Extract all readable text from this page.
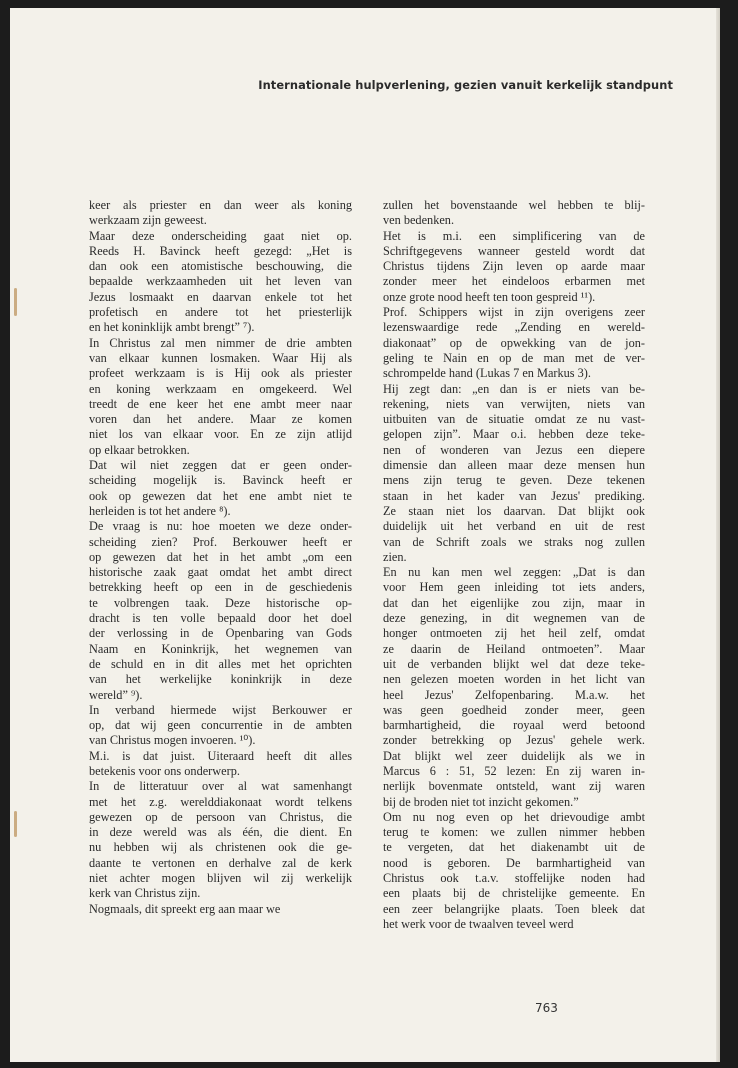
Internationale hulpverlening, gezien vanuit kerkelijk standpunt
keer als priester en dan weer als koning
werkzaam zijn geweest.
Maar deze onderscheiding gaat niet op.
Reeds H. Bavinck heeft gezegd: „Het is
dan ook een atomistische beschouwing, die
bepaalde werkzaamheden uit het leven van
Jezus losmaakt en daarvan enkele tot het
profetisch en andere tot het priesterlijk
en het koninklijk ambt brengt” ⁷).
In Christus zal men nimmer de drie ambten
van elkaar kunnen losmaken. Waar Hij als
profeet werkzaam is is Hij ook als priester
en koning werkzaam en omgekeerd. Wel
treedt de ene keer het ene ambt meer naar
voren dan het andere. Maar ze komen
niet los van elkaar voor. En ze zijn atlijd
op elkaar betrokken.
Dat wil niet zeggen dat er geen onder-
scheiding mogelijk is. Bavinck heeft er
ook op gewezen dat het ene ambt niet te
herleiden is tot het andere ⁸).
De vraag is nu: hoe moeten we deze onder-
scheiding zien? Prof. Berkouwer heeft er
op gewezen dat het in het ambt „om een
historische zaak gaat omdat het ambt direct
betrekking heeft op een in de geschiedenis
te volbrengen taak. Deze historische op-
dracht is ten volle bepaald door het doel
der verlossing in de Openbaring van Gods
Naam en Koninkrijk, het wegnemen van
de schuld en in dit alles met het oprichten
van het werkelijke koninkrijk in deze
wereld” ⁹).
In verband hiermede wijst Berkouwer er
op, dat wij geen concurrentie in de ambten
van Christus mogen invoeren. ¹⁰).
M.i. is dat juist. Uiteraard heeft dit alles
betekenis voor ons onderwerp.
In de litteratuur over al wat samenhangt
met het z.g. werelddiakonaat wordt telkens
gewezen op de persoon van Christus, die
in deze wereld was als één, die dient. En
nu hebben wij als christenen ook die ge-
daante te vertonen en derhalve zal de kerk
niet achter mogen blijven wil zij werkelijk
kerk van Christus zijn.
Nogmaals, dit spreekt erg aan maar we
zullen het bovenstaande wel hebben te blij-
ven bedenken.
Het is m.i. een simplificering van de
Schriftgegevens wanneer gesteld wordt dat
Christus tijdens Zijn leven op aarde maar
zonder meer het eindeloos erbarmen met
onze grote nood heeft ten toon gespreid ¹¹).
Prof. Schippers wijst in zijn overigens zeer
lezenswaardige rede „Zending en wereld-
diakonaat” op de opwekking van de jon-
geling te Nain en op de man met de ver-
schrompelde hand (Lukas 7 en Markus 3).
Hij zegt dan: „en dan is er niets van be-
rekening, niets van verwijten, niets van
uitbuiten van de situatie omdat ze nu vast-
gelopen zijn”. Maar o.i. hebben deze teke-
nen of wonderen van Jezus een diepere
dimensie dan alleen maar deze mensen hun
mens zijn terug te geven. Deze tekenen
staan in het kader van Jezus' prediking.
Ze staan niet los daarvan. Dat blijkt ook
duidelijk uit het verband en uit de rest
van de Schrift zoals we straks nog zullen
zien.
En nu kan men wel zeggen: „Dat is dan
voor Hem geen inleiding tot iets anders,
dat dan het eigenlijke zou zijn, maar in
deze genezing, in dit wegnemen van de
honger ontmoeten zij het heil zelf, omdat
ze daarin de Heiland ontmoeten”. Maar
uit de verbanden blijkt wel dat deze teke-
nen gelezen moeten worden in het licht van
heel Jezus' Zelfopenbaring. M.a.w. het
was geen goedheid zonder meer, geen
barmhartigheid, die royaal werd betoond
zonder betrekking op Jezus' gehele werk.
Dat blijkt wel zeer duidelijk als we in
Marcus 6 : 51, 52 lezen: En zij waren in-
nerlijk bovenmate ontsteld, want zij waren
bij de broden niet tot inzicht gekomen.”
Om nu nog even op het drievoudige ambt
terug te komen: we zullen nimmer hebben
te vergeten, dat het diakenambt uit de
nood is geboren. De barmhartigheid van
Christus ook t.a.v. stoffelijke noden had
een plaats bij de christelijke gemeente. En
een zeer belangrijke plaats. Toen bleek dat
het werk voor de twaalven teveel werd
763
